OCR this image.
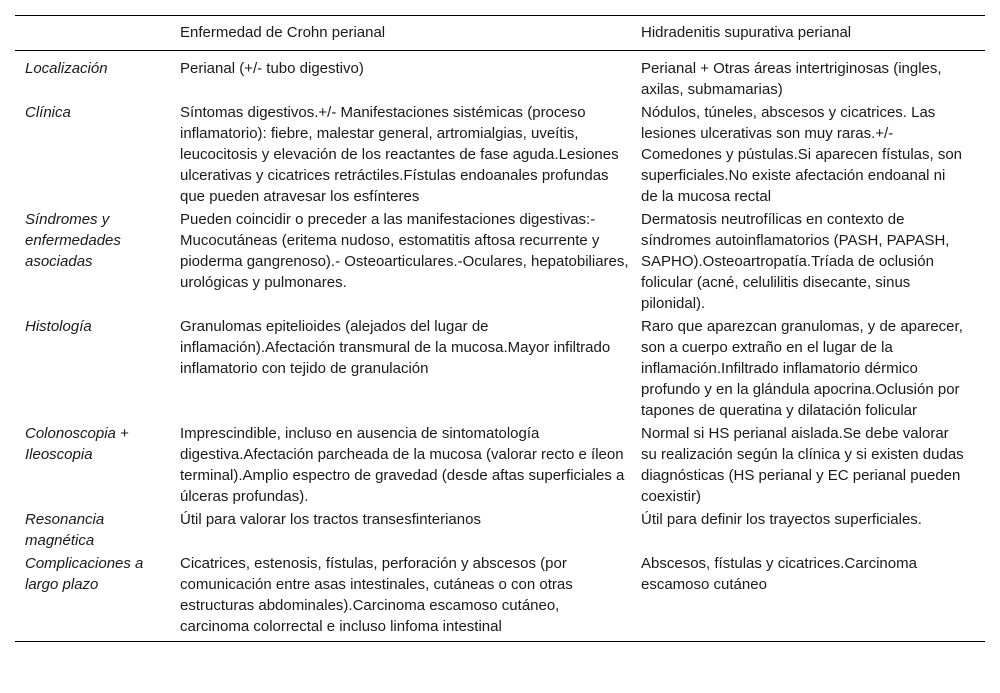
	Enfermedad de Crohn perianal	Hidradenitis supurativa perianal
Localización	Perianal (+/- tubo digestivo)	Perianal + Otras áreas intertriginosas (ingles, axilas, submamarias)
Clínica	Síntomas digestivos.+/- Manifestaciones sistémicas (proceso inflamatorio): fiebre, malestar general, artromialgias, uveítis, leucocitosis y elevación de los reactantes de fase aguda.Lesiones ulcerativas y cicatrices retráctiles.Fístulas endoanales profundas que pueden atravesar los esfínteres	Nódulos, túneles, abscesos y cicatrices. Las lesiones ulcerativas son muy raras.+/- Comedones y pústulas.Si aparecen fístulas, son superficiales.No existe afectación endoanal ni de la mucosa rectal
Síndromes y enfermedades asociadas	Pueden coincidir o preceder a las manifestaciones digestivas:- Mucocutáneas (eritema nudoso, estomatitis aftosa recurrente y pioderma gangrenoso).- Osteoarticulares.-Oculares, hepatobiliares, urológicas y pulmonares.	Dermatosis neutrofílicas en contexto de síndromes autoinflamatorios (PASH, PAPASH, SAPHO).Osteoartropatía.Tríada de oclusión folicular (acné, celulilitis disecante, sinus pilonidal).
Histología	Granulomas epitelioides (alejados del lugar de inflamación).Afectación transmural de la mucosa.Mayor infiltrado inflamatorio con tejido de granulación	Raro que aparezcan granulomas, y de aparecer, son a cuerpo extraño en el lugar de la inflamación.Infiltrado inflamatorio dérmico profundo y en la glándula apocrina.Oclusión por tapones de queratina y dilatación folicular
Colonoscopia + Ileoscopia	Imprescindible, incluso en ausencia de sintomatología digestiva.Afectación parcheada de la mucosa (valorar recto e íleon terminal).Amplio espectro de gravedad (desde aftas superficiales a úlceras profundas).	Normal si HS perianal aislada.Se debe valorar su realización según la clínica y si existen dudas diagnósticas (HS perianal y EC perianal pueden coexistir)
Resonancia magnética	Útil para valorar los tractos transesfinterianos	Útil para definir los trayectos superficiales.
Complicaciones a largo plazo	Cicatrices, estenosis, fístulas, perforación y abscesos (por comunicación entre asas intestinales, cutáneas o con otras estructuras abdominales).Carcinoma escamoso cutáneo, carcinoma colorrectal e incluso linfoma intestinal	Abscesos, fístulas y cicatrices.Carcinoma escamoso cutáneo
